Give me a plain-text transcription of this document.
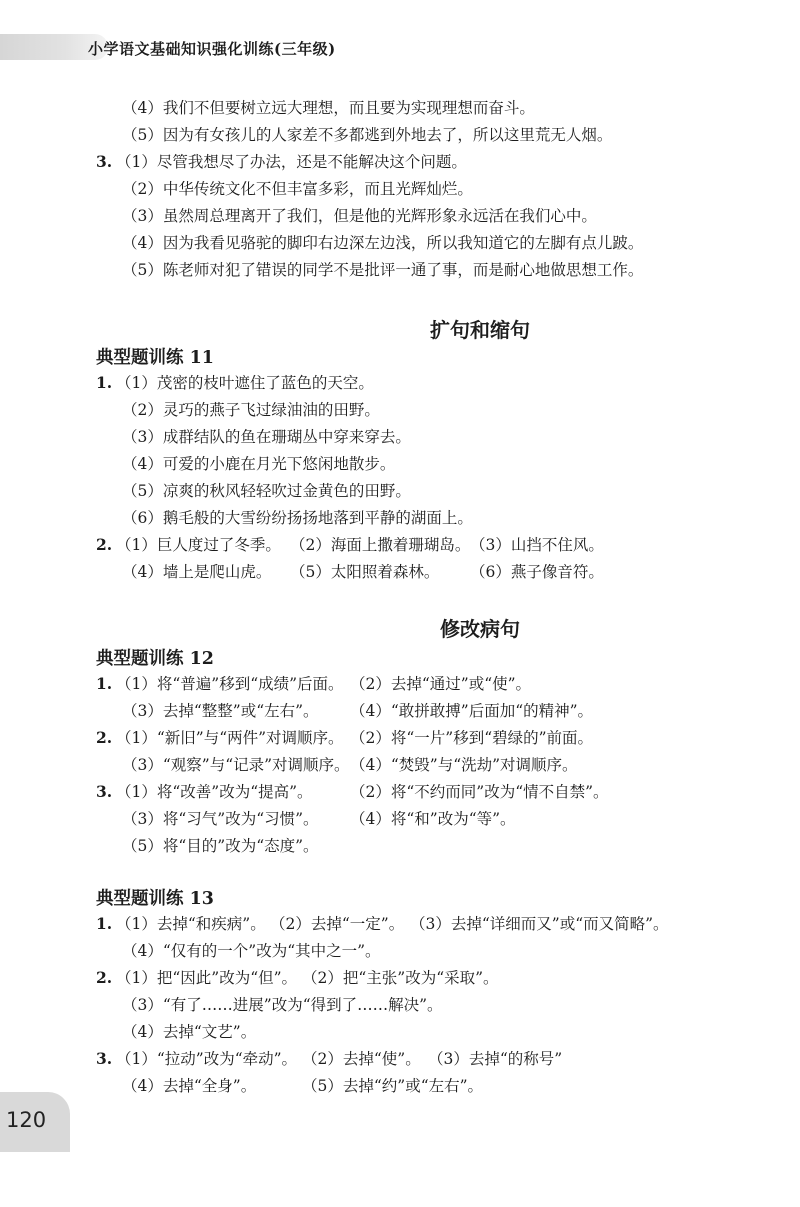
小学语文基础知识强化训练(三年级)
（4）我们不但要树立远大理想，而且要为实现理想而奋斗。
（5）因为有女孩儿的人家差不多都逃到外地去了，所以这里荒无人烟。
3. （1）尽管我想尽了办法，还是不能解决这个问题。
（2）中华传统文化不但丰富多彩，而且光辉灿烂。
（3）虽然周总理离开了我们，但是他的光辉形象永远活在我们心中。
（4）因为我看见骆驼的脚印右边深左边浅，所以我知道它的左脚有点儿跛。
（5）陈老师对犯了错误的同学不是批评一通了事，而是耐心地做思想工作。
扩句和缩句
典型题训练 11
1. （1）茂密的枝叶遮住了蓝色的天空。
（2）灵巧的燕子飞过绿油油的田野。
（3）成群结队的鱼在珊瑚丛中穿来穿去。
（4）可爱的小鹿在月光下悠闲地散步。
（5）凉爽的秋风轻轻吹过金黄色的田野。
（6）鹅毛般的大雪纷纷扬扬地落到平静的湖面上。
2. （1）巨人度过了冬季。 （2）海面上撒着珊瑚岛。 （3）山挡不住风。
（4）墙上是爬山虎。 （5）太阳照着森林。 （6）燕子像音符。
修改病句
典型题训练 12
1. （1）将“普遍”移到“成绩”后面。 （2）去掉“通过”或“使”。
（3）去掉“整整”或“左右”。 （4）“敢拼敢搏”后面加“的精神”。
2. （1）“新旧”与“两件”对调顺序。 （2）将“一片”移到“碧绿的”前面。
（3）“观察”与“记录”对调顺序。 （4）“焚毁”与“洗劫”对调顺序。
3. （1）将“改善”改为“提高”。 （2）将“不约而同”改为“情不自禁”。
（3）将“习气”改为“习惯”。 （4）将“和”改为“等”。
（5）将“目的”改为“态度”。
典型题训练 13
1. （1）去掉“和疾病”。 （2）去掉“一定”。 （3）去掉“详细而又”或“而又简略”。
（4）“仅有的一个”改为“其中之一”。
2. （1）把“因此”改为“但”。 （2）把“主张”改为“采取”。
（3）“有了……进展”改为“得到了……解决”。
（4）去掉“文艺”。
3. （1）“拉动”改为“牵动”。 （2）去掉“使”。 （3）去掉“的称号”
（4）去掉“全身”。	（5）去掉“约”或“左右”。
120
